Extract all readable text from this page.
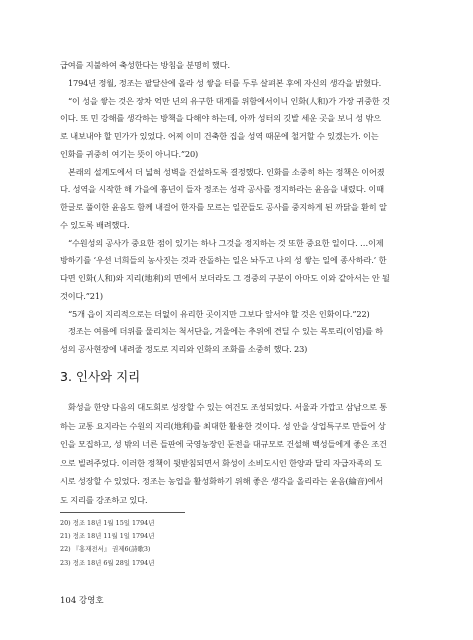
급여를 지불하여 축성한다는 방침을 분명히 했다.
1794년 정월, 정조는 팔달산에 올라 성 쌓을 터를 두루 살펴본 후에 자신의 생각을 밝혔다.
“이 성을 쌓는 것은 장차 억만 년의 유구한 대계를 위함에서이니 인화(人和)가 가장 귀중한 것
이다. 또 민 강해를 생각하는 방책을 다해야 하는데, 아까 성터의 깃발 세운 곳을 보니 성 밖으
로 내보내야 할 민가가 있었다. 어찌 이미 건축한 집을 성역 때문에 철거할 수 있겠는가. 이는
인화를 귀중히 여기는 뜻이 아니다.”20)
본래의 설계도에서 더 넓혀 성벽을 건설하도록 결정했다. 인화를 소중히 하는 정책은 이어졌
다. 성역을 시작한 해 가을에 흉년이 들자 정조는 성곽 공사를 정지하라는 윤음을 내렸다. 이때
한글로 풀이한 윤음도 함께 내걸어 한자를 모르는 일꾼들도 공사를 중지하게 된 까닭을 환히 알
수 있도록 배려했다.
“수원성의 공사가 중요한 점이 있기는 하나 그것을 정지하는 것 또한 중요한 일이다. …이제
방하기를 ‘우선 너희들의 농사짓는 것과 잔돌하는 일은 놔두고 나의 성 쌓는 일에 종사하라.’ 한
다면 인화(人和)와 지리(地利)의 면에서 보더라도 그 경중의 구분이 아마도 이와 같아서는 안 될
것이다.”21)
“5개 읍이 지리적으로는 더없이 유리한 곳이지만 그보다 앞서야 할 것은 인화이다.”22)
정조는 여름에 더위를 물리치는 척서단을, 겨울에는 추위에 견딜 수 있는 목토리(이엄)를 하
성의 공사현장에 내려줄 정도로 지리와 인화의 조화를 소중히 했다. 23)
3. 인사와 지리
화성을 한양 다음의 대도회로 성장할 수 있는 여건도 조성되었다. 서울과 가깝고 삼남으로 통
하는 교통 요지라는 수원의 지리(地利)를 최대한 활용한 것이다. 성 안을 상업특구로 만들어 상
인을 모집하고, 성 밖의 너른 들판에 국영농장인 둔전을 대규모로 건설해 백성들에게 좋은 조건
으로 빌려주었다. 이러한 정책이 뒷받침되면서 화성이 소비도시인 한양과 달리 자급자족의 도
시로 성장할 수 있었다. 정조는 농업을 활성화하기 위해 좋은 생각을 올리라는 윤음(綸音)에서
도 지리를 강조하고 있다.
20) 정조 18년 1월 15일 1794년
21) 정조 18년 11월 1일 1794년
22) 『홍재전서』 권제6(詩歌3)
23) 정조 18년 6월 28일 1794년
104 강영호
